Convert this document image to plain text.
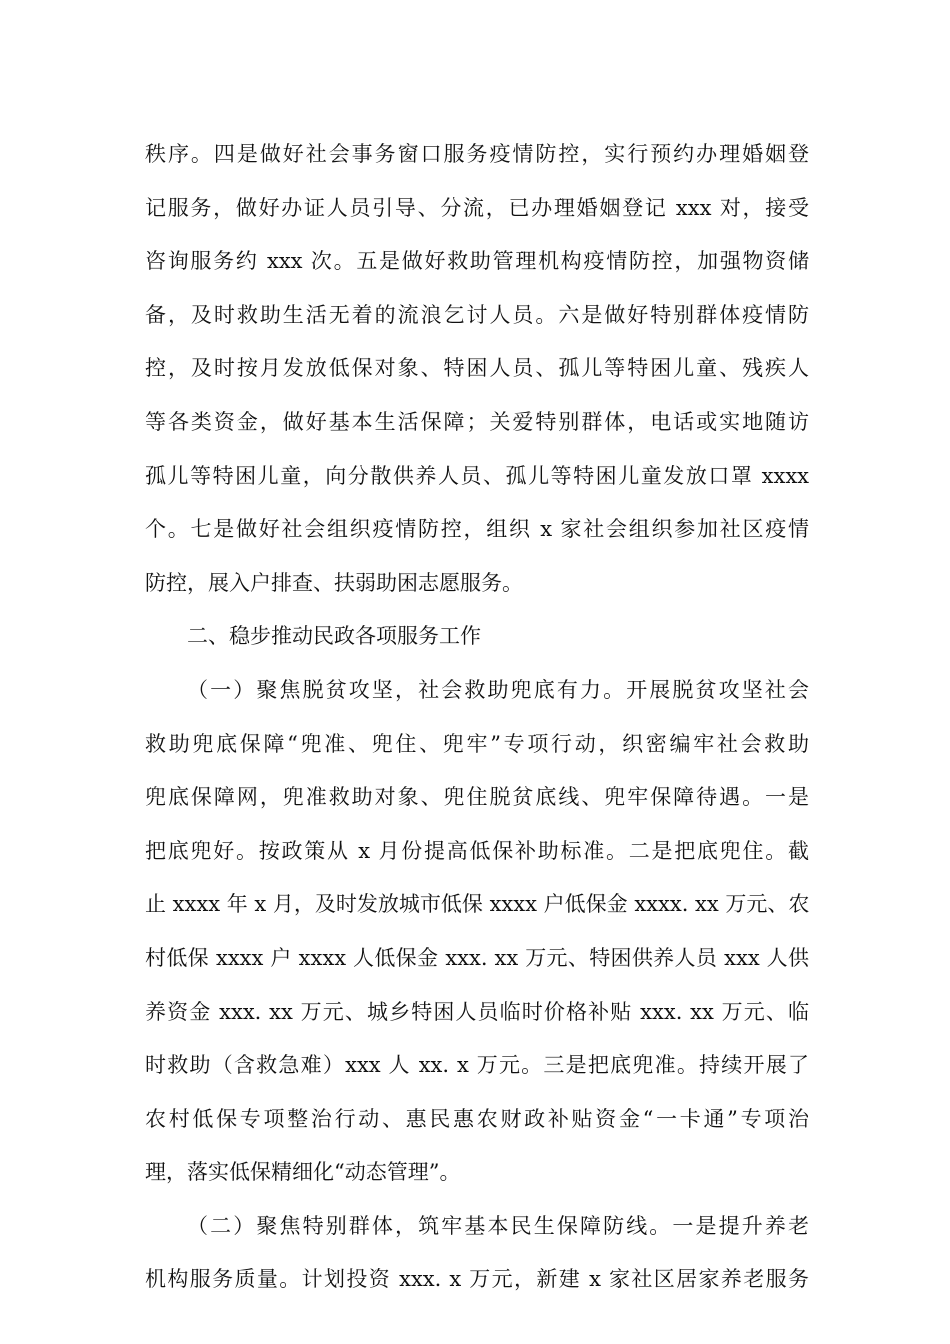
秩序。四是做好社会事务窗口服务疫情防控，实行预约办理婚姻登
记服务，做好办证人员引导、分流，已办理婚姻登记 xxx 对，接受
咨询服务约 xxx 次。五是做好救助管理机构疫情防控，加强物资储
备，及时救助生活无着的流浪乞讨人员。六是做好特别群体疫情防
控，及时按月发放低保对象、特困人员、孤儿等特困儿童、残疾人
等各类资金，做好基本生活保障；关爱特别群体，电话或实地随访
孤儿等特困儿童，向分散供养人员、孤儿等特困儿童发放口罩 xxxx
个。七是做好社会组织疫情防控，组织 x 家社会组织参加社区疫情
防控，展入户排查、扶弱助困志愿服务。
二、稳步推动民政各项服务工作
（一）聚焦脱贫攻坚，社会救助兜底有力。开展脱贫攻坚社会
救助兜底保障“兜准、兜住、兜牢”专项行动，织密编牢社会救助
兜底保障网，兜准救助对象、兜住脱贫底线、兜牢保障待遇。一是
把底兜好。按政策从 x 月份提高低保补助标准。二是把底兜住。截
止 xxxx 年 x 月，及时发放城市低保 xxxx 户低保金 xxxx. xx 万元、农
村低保 xxxx 户 xxxx 人低保金 xxx. xx 万元、特困供养人员 xxx 人供
养资金 xxx. xx 万元、城乡特困人员临时价格补贴 xxx. xx 万元、临
时救助（含救急难）xxx 人 xx. x 万元。三是把底兜准。持续开展了
农村低保专项整治行动、惠民惠农财政补贴资金“一卡通”专项治
理，落实低保精细化“动态管理”。
（二）聚焦特别群体，筑牢基本民生保障防线。一是提升养老
机构服务质量。计划投资 xxx. x 万元，新建 x 家社区居家养老服务
